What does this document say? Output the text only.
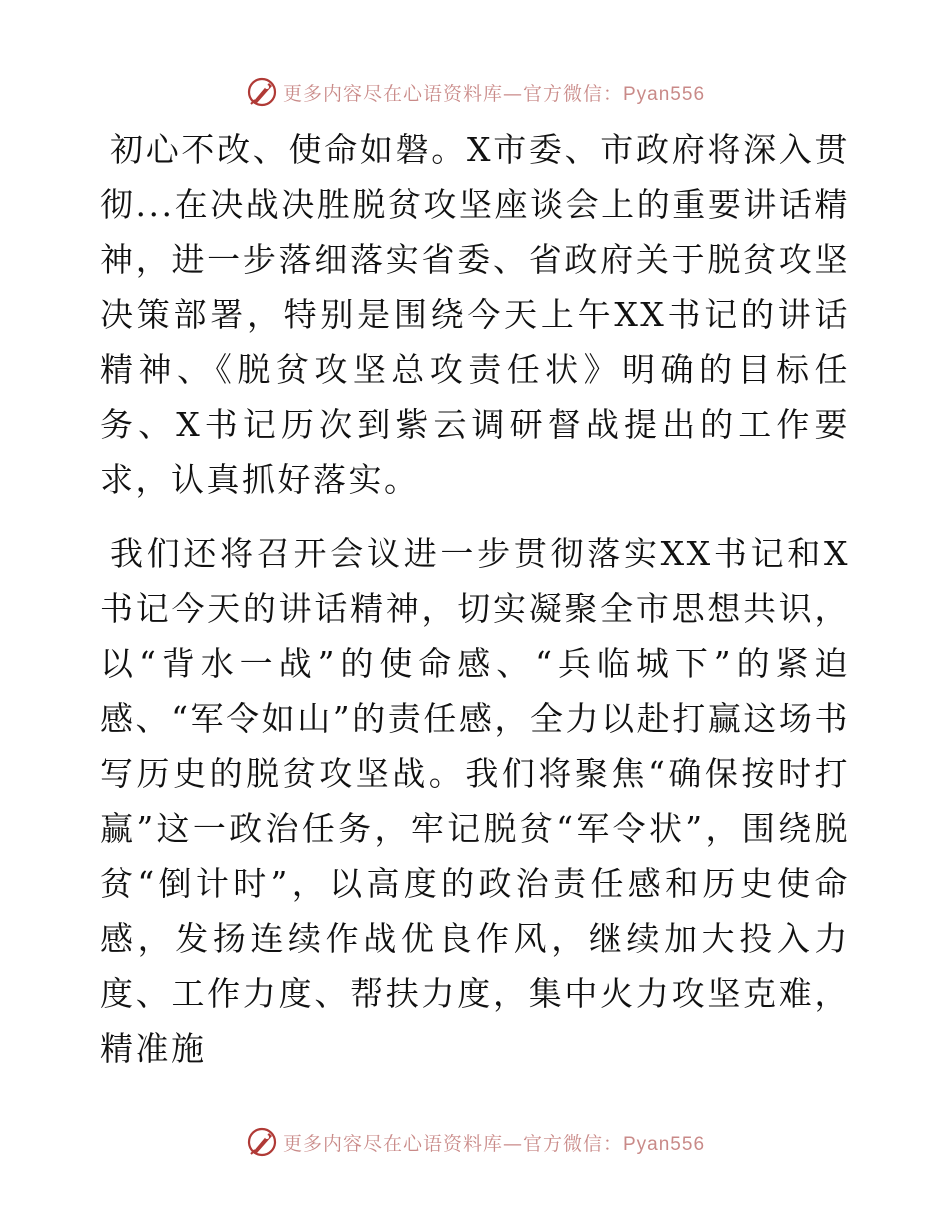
更多内容尽在心语资料库—官方微信：Pyan556

初心不改、使命如磐。X市委、市政府将深入贯彻...在决战决胜脱贫攻坚座谈会上的重要讲话精神，进一步落细落实省委、省政府关于脱贫攻坚决策部署，特别是围绕今天上午XX书记的讲话精神、《脱贫攻坚总攻责任状》明确的目标任务、X书记历次到紫云调研督战提出的工作要求，认真抓好落实。

我们还将召开会议进一步贯彻落实XX书记和X书记今天的讲话精神，切实凝聚全市思想共识，以“背水一战”的使命感、“兵临城下”的紧迫感、“军令如山”的责任感，全力以赴打赢这场书写历史的脱贫攻坚战。我们将聚焦“确保按时打赢”这一政治任务，牢记脱贫“军令状”，围绕脱贫“倒计时”，以高度的政治责任感和历史使命感，发扬连续作战优良作风，继续加大投入力度、工作力度、帮扶力度，集中火力攻坚克难，精准施

更多内容尽在心语资料库—官方微信：Pyan556
